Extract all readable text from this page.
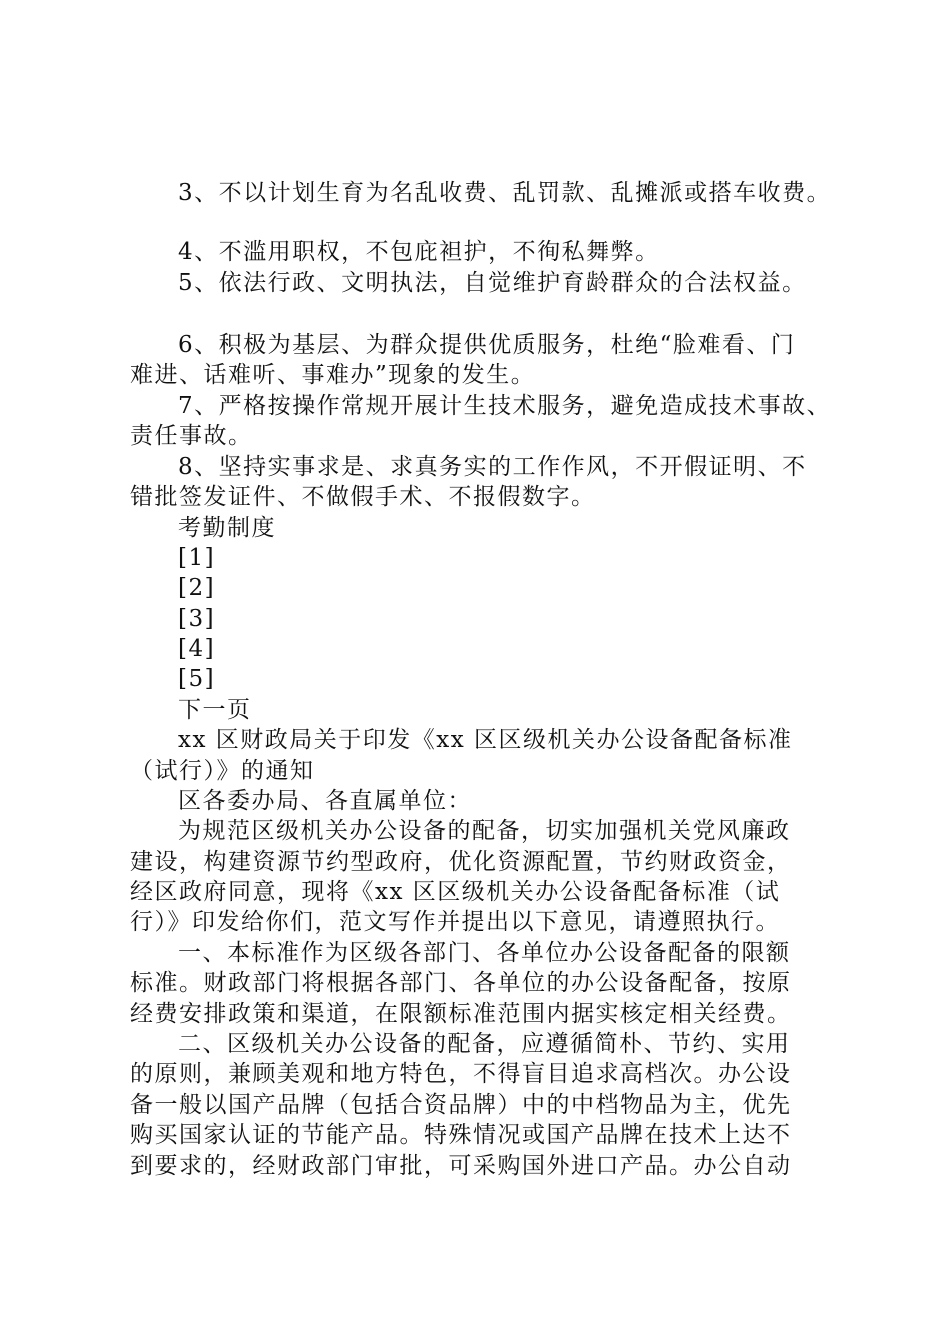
3、不以计划生育为名乱收费、乱罚款、乱摊派或搭车收费。
4、不滥用职权，不包庇袒护，不徇私舞弊。
5、依法行政、文明执法，自觉维护育龄群众的合法权益。
6、积极为基层、为群众提供优质服务，杜绝“脸难看、门
难进、话难听、事难办”现象的发生。
7、严格按操作常规开展计生技术服务，避免造成技术事故、
责任事故。
8、坚持实事求是、求真务实的工作作风，不开假证明、不
错批签发证件、不做假手术、不报假数字。
考勤制度
[1]
[2]
[3]
[4]
[5]
下一页
xx 区财政局关于印发《xx 区区级机关办公设备配备标准
（试行）》的通知
区各委办局、各直属单位：
为规范区级机关办公设备的配备，切实加强机关党风廉政
建设，构建资源节约型政府，优化资源配置，节约财政资金，
经区政府同意，现将《xx 区区级机关办公设备配备标准（试
行）》印发给你们，范文写作并提出以下意见，请遵照执行。
一、本标准作为区级各部门、各单位办公设备配备的限额
标准。财政部门将根据各部门、各单位的办公设备配备，按原
经费安排政策和渠道，在限额标准范围内据实核定相关经费。
二、区级机关办公设备的配备，应遵循简朴、节约、实用
的原则，兼顾美观和地方特色，不得盲目追求高档次。办公设
备一般以国产品牌（包括合资品牌）中的中档物品为主，优先
购买国家认证的节能产品。特殊情况或国产品牌在技术上达不
到要求的，经财政部门审批，可采购国外进口产品。办公自动
